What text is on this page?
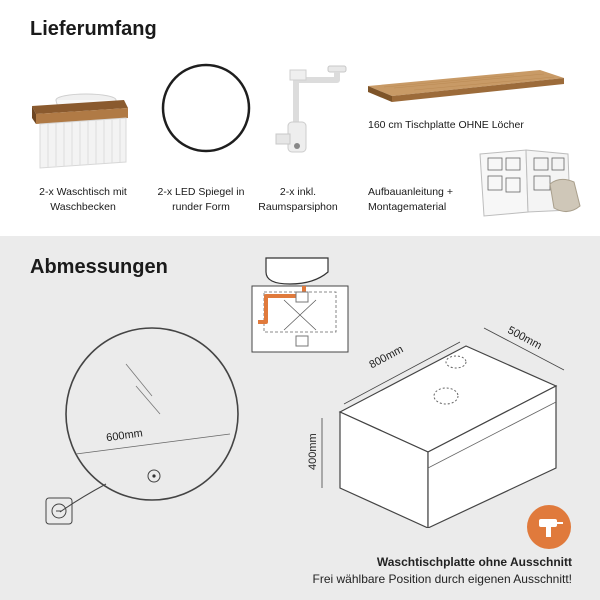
Lieferumfang
160 cm Tischplatte OHNE Löcher
2-x Waschtisch mit
Waschbecken
2-x LED Spiegel in
runder Form
2-x inkl.
Raumsparsiphon
Aufbauanleitung +
Montagematerial
Abmessungen
600mm
800mm
500mm
400mm
Waschtischplatte ohne Ausschnitt
Frei wählbare Position durch eigenen Ausschnitt!
